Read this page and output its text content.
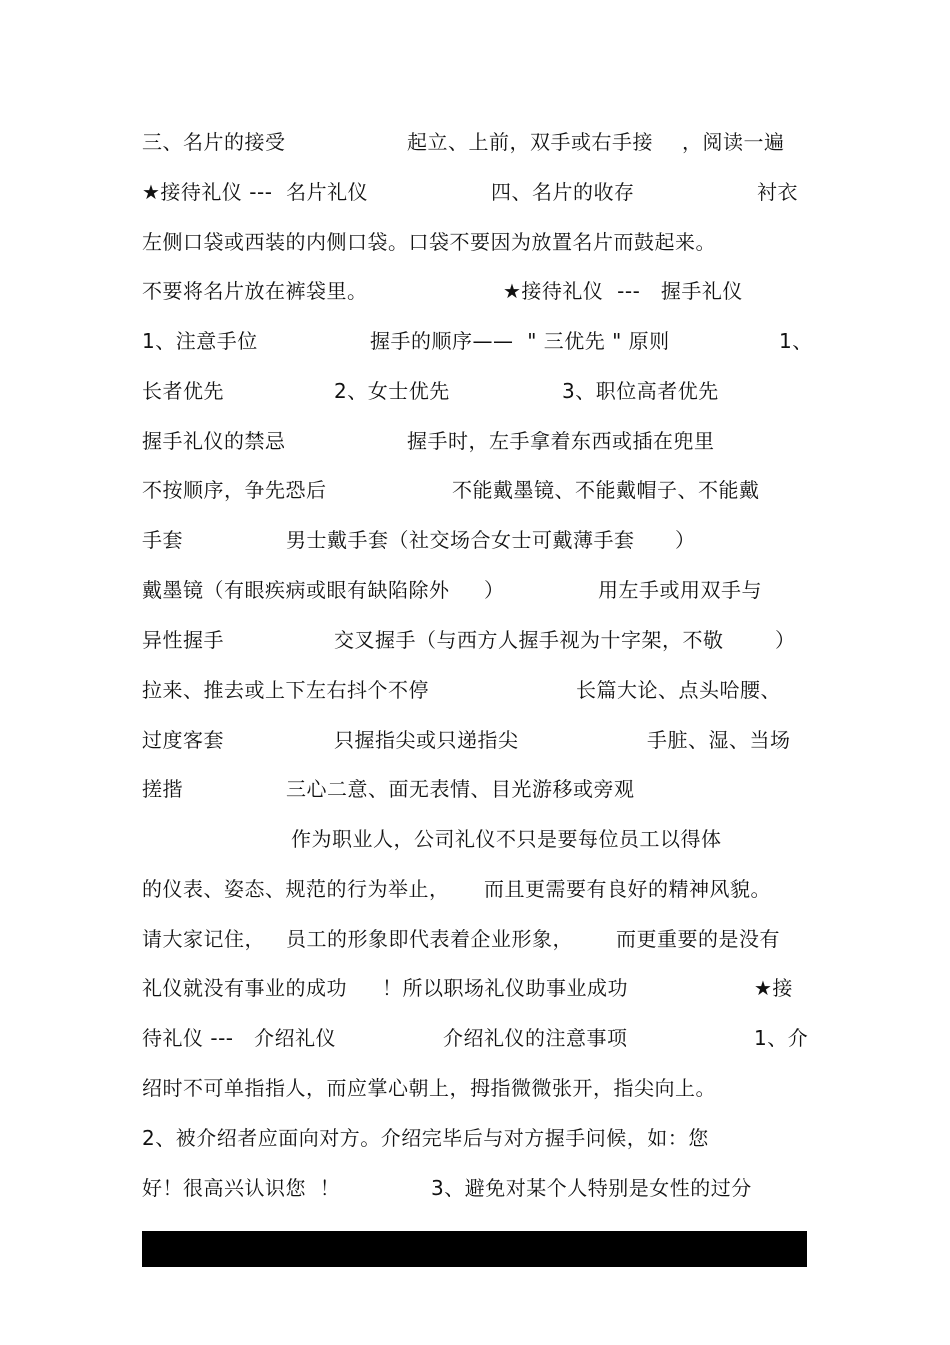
三、名片的接受	起立、上前，双手或右手接 ，阅读一遍
★接待礼仪 ---  名片礼仪	四、名片的收存	衬衣
左侧口袋或西装的内侧口袋。口袋不要因为放置名片而鼓起来。
不要将名片放在裤袋里。	★接待礼仪  ---   握手礼仪
1、注意手位	握手的顺序——  " 三优先 " 原则	1、
长者优先	2、女士优先	3、职位高者优先
握手礼仪的禁忌	握手时，左手拿着东西或插在兜里
不按顺序，争先恐后	不能戴墨镜、不能戴帽子、不能戴
手套	男士戴手套（社交场合女士可戴薄手套 ）
戴墨镜（有眼疾病或眼有缺陷除外 ）	用左手或用双手与
异性握手	交叉握手（与西方人握手视为十字架，不敬	）
拉来、推去或上下左右抖个不停	长篇大论、点头哈腰、
过度客套	只握指尖或只递指尖	手脏、湿、当场
搓揩	三心二意、面无表情、目光游移或旁观
作为职业人，公司礼仪不只是要每位员工以得体
的仪表、姿态、规范的行为举止， 而且更需要有良好的精神风貌。
请大家记住， 员工的形象即代表着企业形象， 而更重要的是没有
礼仪就没有事业的成功 ！所以职场礼仪助事业成功	★接
待礼仪 ---   介绍礼仪	介绍礼仪的注意事项	1、介
绍时不可单指指人，而应掌心朝上，拇指微微张开，指尖向上。
2、被介绍者应面向对方。介绍完毕后与对方握手问候，如：您
好！很高兴认识您  ！	3、避免对某个人特别是女性的过分
